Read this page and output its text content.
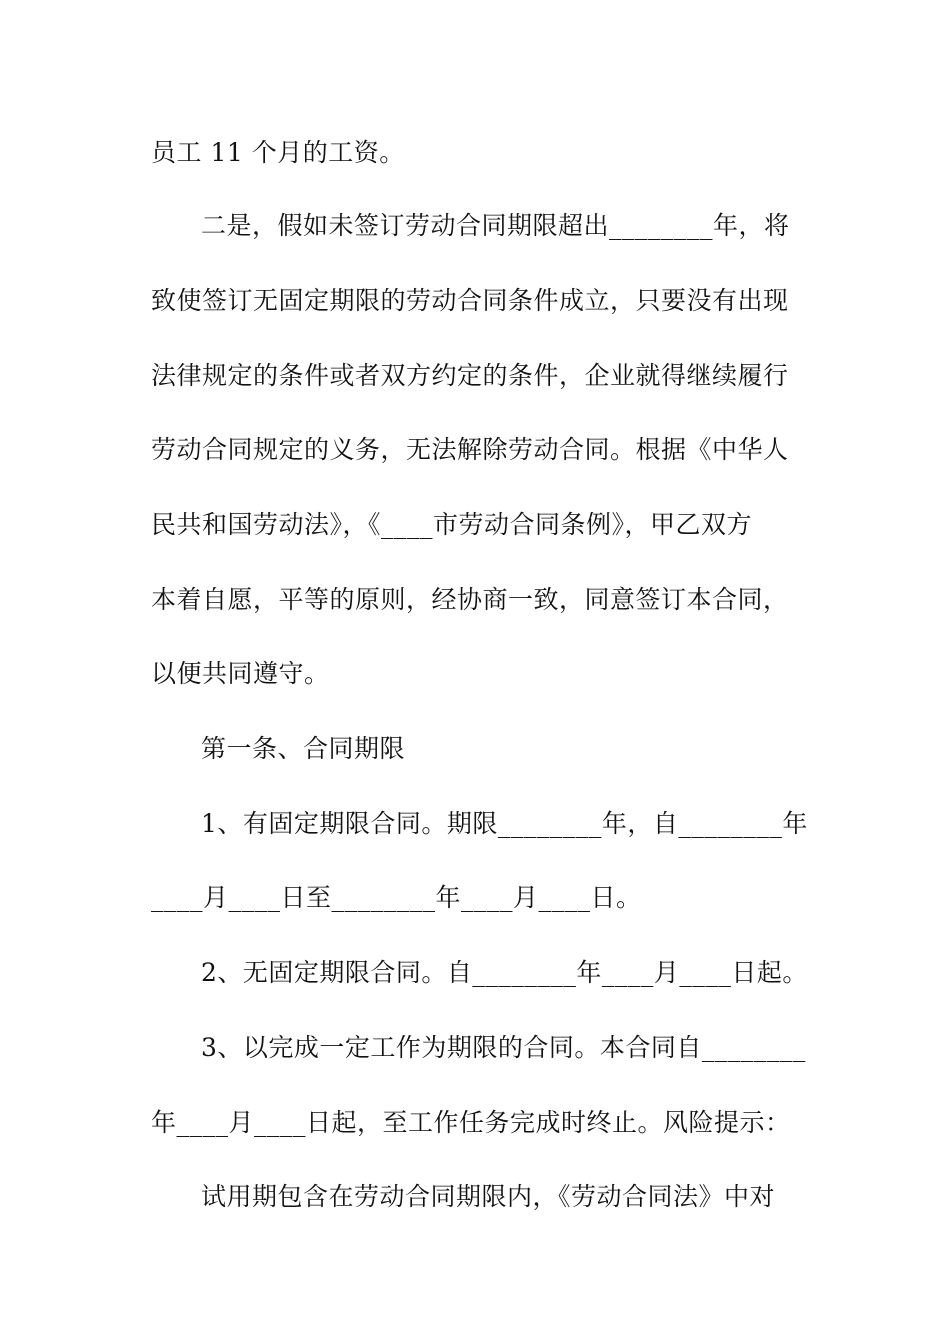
员工 11 个月的工资。
二是，假如未签订劳动合同期限超出________年，将
致使签订无固定期限的劳动合同条件成立，只要没有出现
法律规定的条件或者双方约定的条件，企业就得继续履行
劳动合同规定的义务，无法解除劳动合同。根据《中华人
民共和国劳动法》，《____市劳动合同条例》，甲乙双方
本着自愿，平等的原则，经协商一致，同意签订本合同，
以便共同遵守。
第一条、合同期限
1、有固定期限合同。期限________年，自________年
____月____日至________年____月____日。
2、无固定期限合同。自________年____月____日起。
3、以完成一定工作为期限的合同。本合同自________
年____月____日起，至工作任务完成时终止。风险提示：
试用期包含在劳动合同期限内，《劳动合同法》中对
